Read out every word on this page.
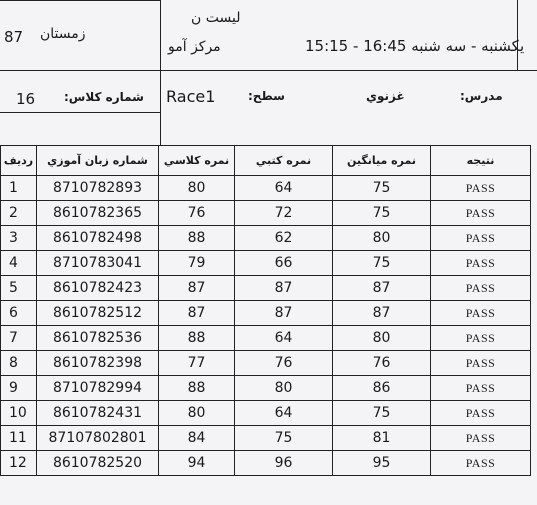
لیست ن
مرکز آمو
زمستان
87	یکشنبه - سه شنبه 16:45 - 15:15
شماره کلاس:
16	Race1	سطح:	غزنوي	مدرس:
ردیف	شماره زبان آموزي	نمره کلاسي	نمره کتبي	نمره میانگین	نتیجه
1	8710782893	80	64	75	PASS
2	8610782365	76	72	75	PASS
3	8610782498	88	62	80	PASS
4	8710783041	79	66	75	PASS
5	8610782423	87	87	87	PASS
6	8610782512	87	87	87	PASS
7	8610782536	88	64	80	PASS
8	8610782398	77	76	76	PASS
9	8710782994	88	80	86	PASS
10	8610782431	80	64	75	PASS
11	87107802801	84	75	81	PASS
12	8610782520	94	96	95	PASS
